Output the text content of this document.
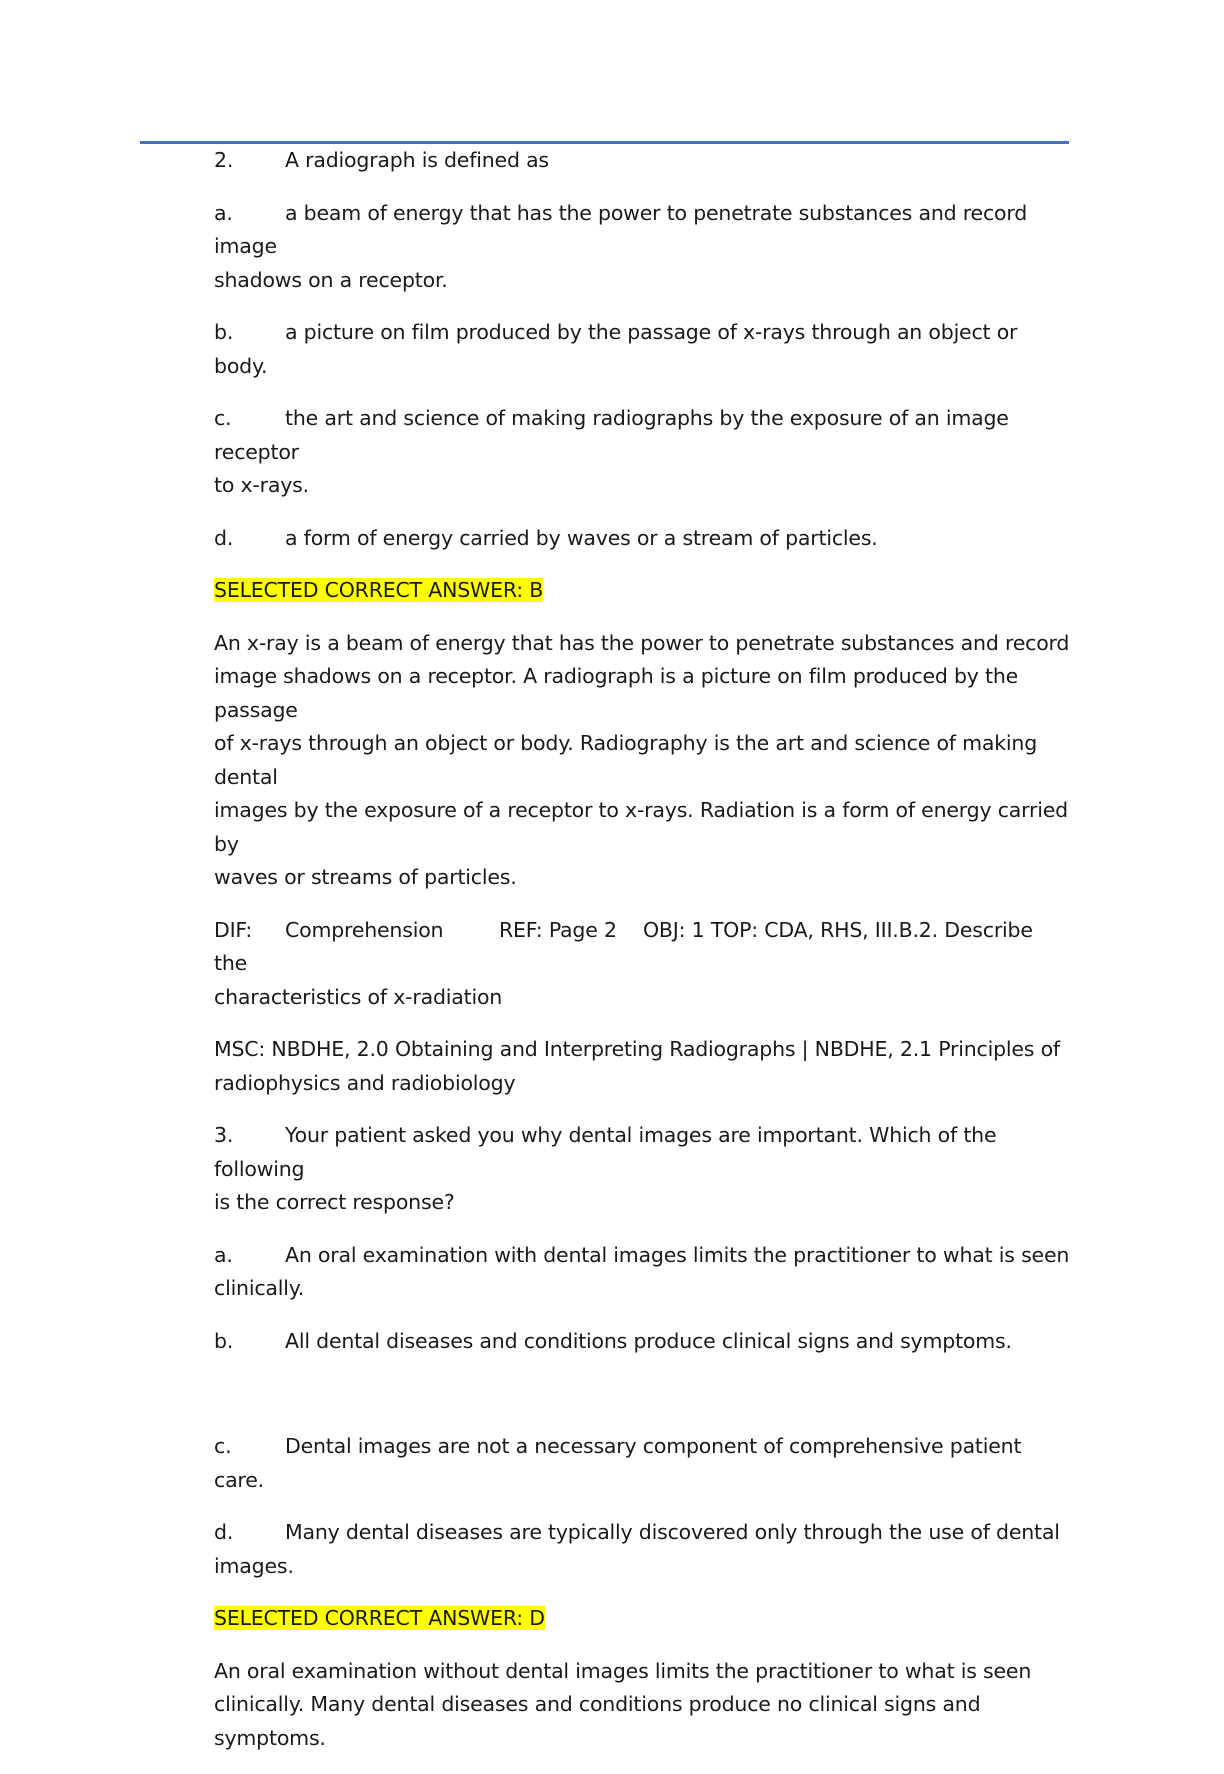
2.	A radiograph is defined as
a.	a beam of energy that has the power to penetrate substances and record image
shadows on a receptor.
b.	a picture on film produced by the passage of x-rays through an object or body.
c.	the art and science of making radiographs by the exposure of an image receptor
to x-rays.
d.	a form of energy carried by waves or a stream of particles.
SELECTED CORRECT ANSWER: B
An x-ray is a beam of energy that has the power to penetrate substances and record
image shadows on a receptor. A radiograph is a picture on film produced by the passage
of x-rays through an object or body. Radiography is the art and science of making dental
images by the exposure of a receptor to x-rays. Radiation is a form of energy carried by
waves or streams of particles.
DIF: Comprehension	REF: Page 2 OBJ: 1 TOP: CDA, RHS, III.B.2. Describe the
characteristics of x-radiation
MSC: NBDHE, 2.0 Obtaining and Interpreting Radiographs | NBDHE, 2.1 Principles of
radiophysics and radiobiology
3.	Your patient asked you why dental images are important. Which of the following
is the correct response?
a.	An oral examination with dental images limits the practitioner to what is seen
clinically.
b.	All dental diseases and conditions produce clinical signs and symptoms.
c.	Dental images are not a necessary component of comprehensive patient care.
d.	Many dental diseases are typically discovered only through the use of dental
images.
SELECTED CORRECT ANSWER: D
An oral examination without dental images limits the practitioner to what is seen
clinically. Many dental diseases and conditions produce no clinical signs and symptoms.
